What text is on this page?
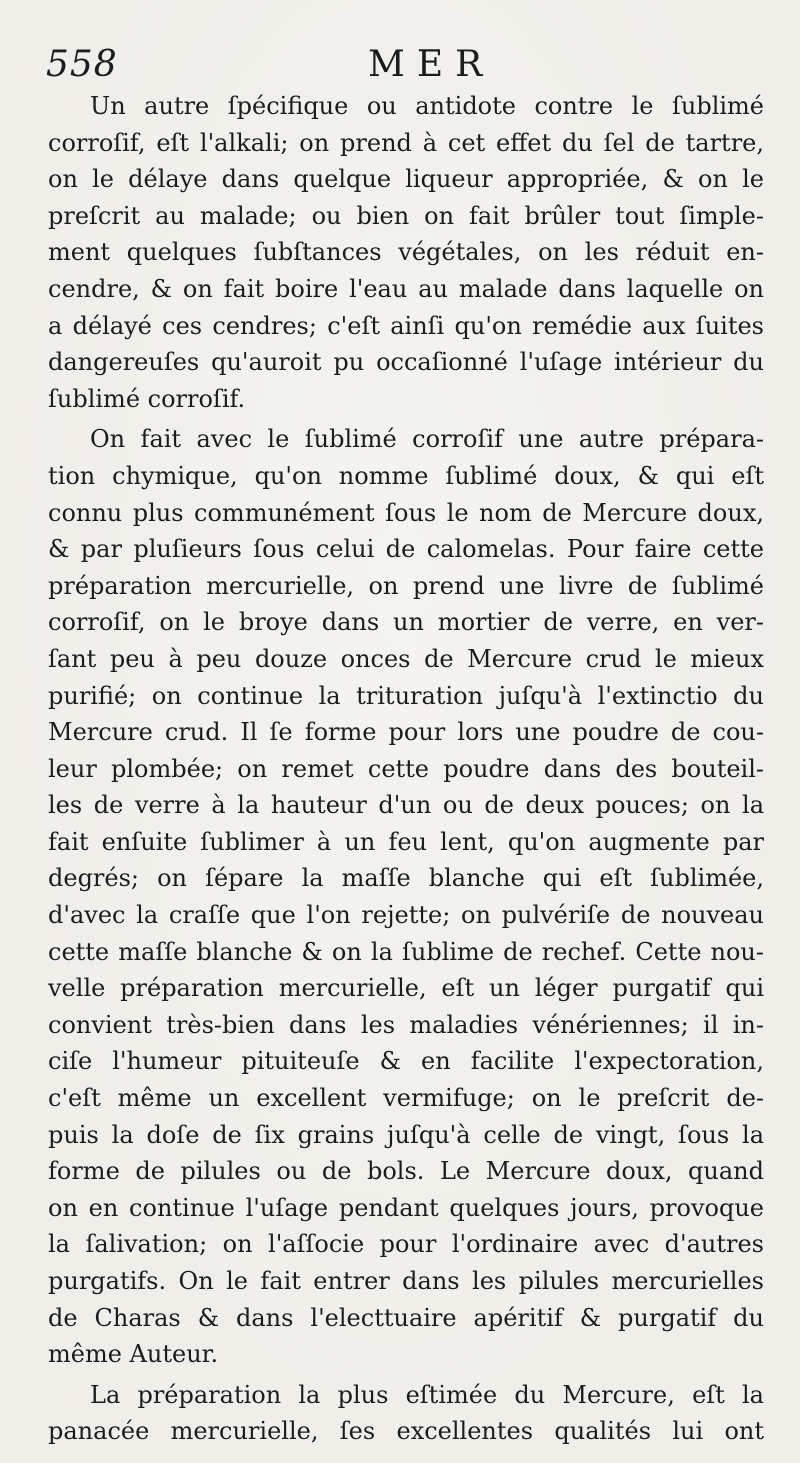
558	MER
Un autre ſpécifique ou antidote contre le ſublimé
corroſif, eſt l'alkali; on prend à cet effet du ſel de tartre,
on le délaye dans quelque liqueur appropriée, & on le
preſcrit au malade; ou bien on fait brûler tout ſimple-
ment quelques ſubſtances végétales, on les réduit en-
cendre, & on fait boire l'eau au malade dans laquelle on
a délayé ces cendres; c'eſt ainſi qu'on remédie aux ſuites
dangereuſes qu'auroit pu occaſionné l'uſage intérieur du
ſublimé corroſif.
On fait avec le ſublimé corroſif une autre prépara-
tion chymique, qu'on nomme ſublimé doux, & qui eſt
connu plus communément ſous le nom de Mercure doux,
& par pluſieurs ſous celui de calomelas. Pour faire cette
préparation mercurielle, on prend une livre de ſublimé
corroſif, on le broye dans un mortier de verre, en ver-
ſant peu à peu douze onces de Mercure crud le mieux
purifié; on continue la trituration juſqu'à l'extinctio du
Mercure crud. Il ſe forme pour lors une poudre de cou-
leur plombée; on remet cette poudre dans des bouteil-
les de verre à la hauteur d'un ou de deux pouces; on la
fait enſuite ſublimer à un feu lent, qu'on augmente par
degrés; on ſépare la maſſe blanche qui eſt ſublimée,
d'avec la craſſe que l'on rejette; on pulvériſe de nouveau
cette maſſe blanche & on la ſublime de rechef. Cette nou-
velle préparation mercurielle, eſt un léger purgatif qui
convient très-bien dans les maladies vénériennes; il in-
ciſe l'humeur pituiteuſe & en facilite l'expectoration,
c'eſt même un excellent vermifuge; on le preſcrit de-
puis la doſe de ſix grains juſqu'à celle de vingt, ſous la
forme de pilules ou de bols. Le Mercure doux, quand
on en continue l'uſage pendant quelques jours, provoque
la ſalivation; on l'aſſocie pour l'ordinaire avec d'autres
purgatifs. On le fait entrer dans les pilules mercurielles
de Charas & dans l'electtuaire apéritif & purgatif du
même Auteur.
La préparation la plus eſtimée du Mercure, eſt la
panacée mercurielle, ſes excellentes qualités lui ont
